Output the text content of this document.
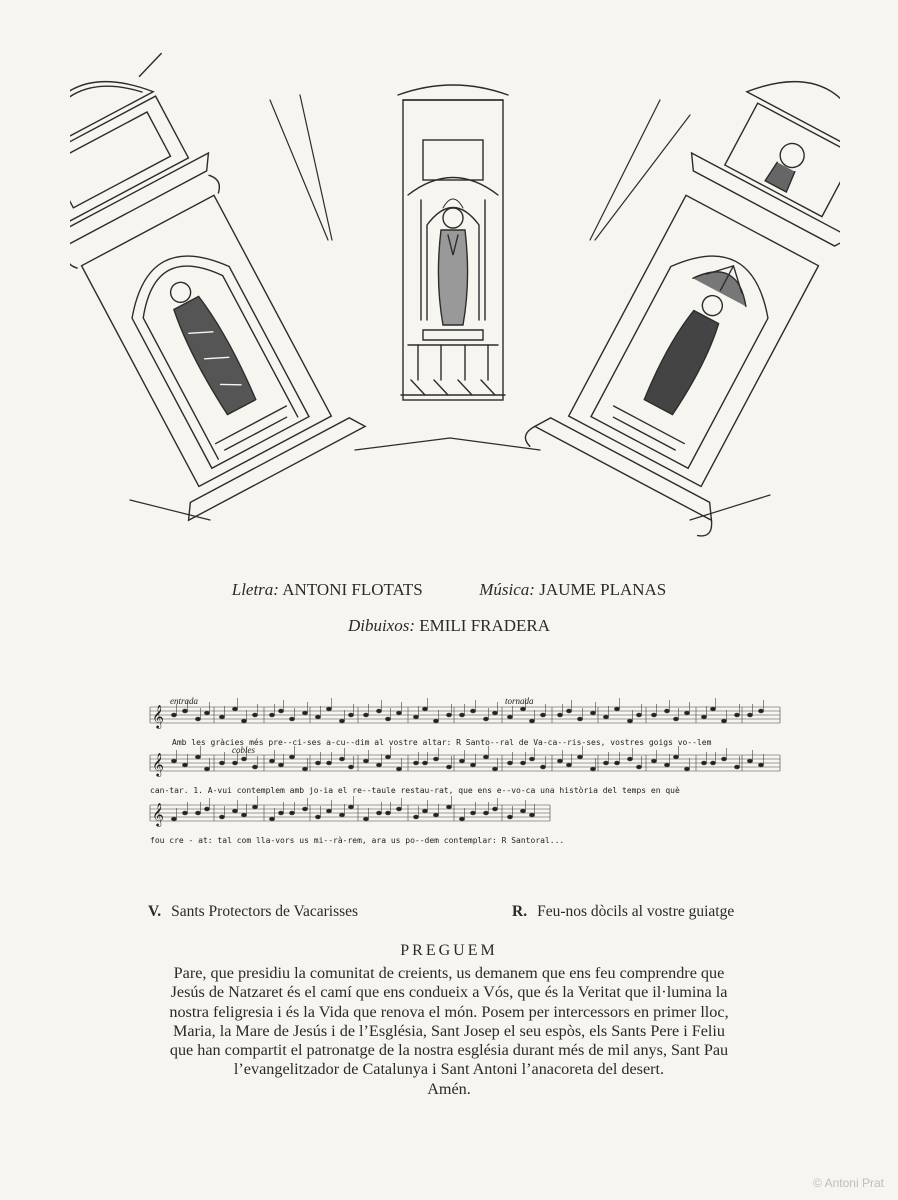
Lletra: ANTONI FLOTATS	Música: JAUME PLANAS
Dibuixos: EMILI FRADERA
𝄞
𝄞
𝄞
entrada	tornada
cobles
Amb les gràcies més pre--ci-ses a-cu--dim al vostre altar: R Santo--ral de Va-ca--ris-ses, vostres goigs vo--lem
can-tar. 1. A-vui contemplem amb jo-ia el re--taule restau-rat, que ens e--vo-ca una història del temps en què
fou cre - at: tal com lla-vors us mi--rà-rem, ara us po--dem contemplar: R Santoral...
V. Sants Protectors de Vacarisses	R. Feu-nos dòcils al vostre guiatge
PREGUEM
Pare, que presidiu la comunitat de creients, us demanem que ens feu comprendre que
Jesús de Natzaret és el camí que ens condueix a Vós, que és la Veritat que il·lumina la
nostra feligresia i és la Vida que renova el món. Posem per intercessors en primer lloc,
Maria, la Mare de Jesús i de l’Església, Sant Josep el seu espòs, els Sants Pere i Feliu
que han compartit el patronatge de la nostra església durant més de mil anys, Sant Pau
l’evangelitzador de Catalunya i Sant Antoni l’anacoreta del desert.
Amén.
© Antoni Prat
